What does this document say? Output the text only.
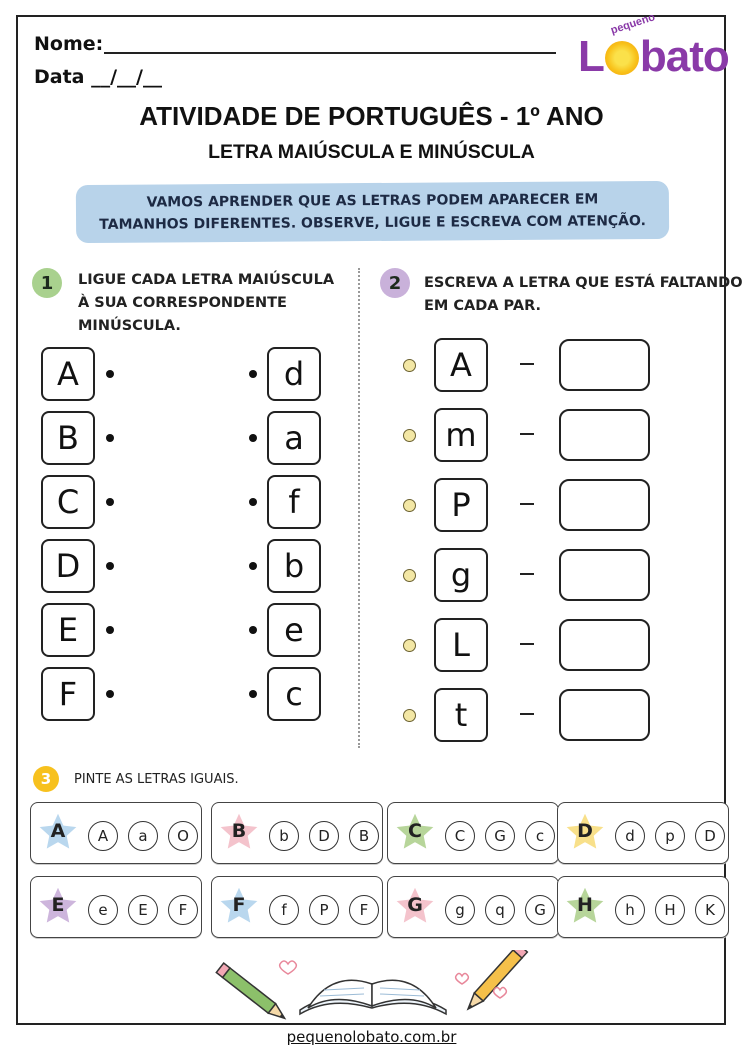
Nome:
Data __/__/__
pequeno
L bato
ATIVIDADE DE PORTUGUÊS - 1º ANO
LETRA MAIÚSCULA E MINÚSCULA
VAMOS APRENDER QUE AS LETRAS PODEM APARECER EM
TAMANHOS DIFERENTES. OBSERVE, LIGUE E ESCREVA COM ATENÇÃO.
1	LIGUE CADA LETRA MAIÚSCULA
À SUA CORRESPONDENTE
MINÚSCULA.
A	d
B	a
C	f
D	b
E	e
F	c
2	ESCREVA A LETRA QUE ESTÁ FALTANDO
EM CADA PAR.
A
m
P
g
L
t
3	PINTE AS LETRAS IGUAIS.
A	A	a	O	B	b	D	B	C	C	G	c	D	d	p	D
E	e	E	F	F	f	P	F	G	g	q	G	H	h	H	K
pequenolobato.com.br
